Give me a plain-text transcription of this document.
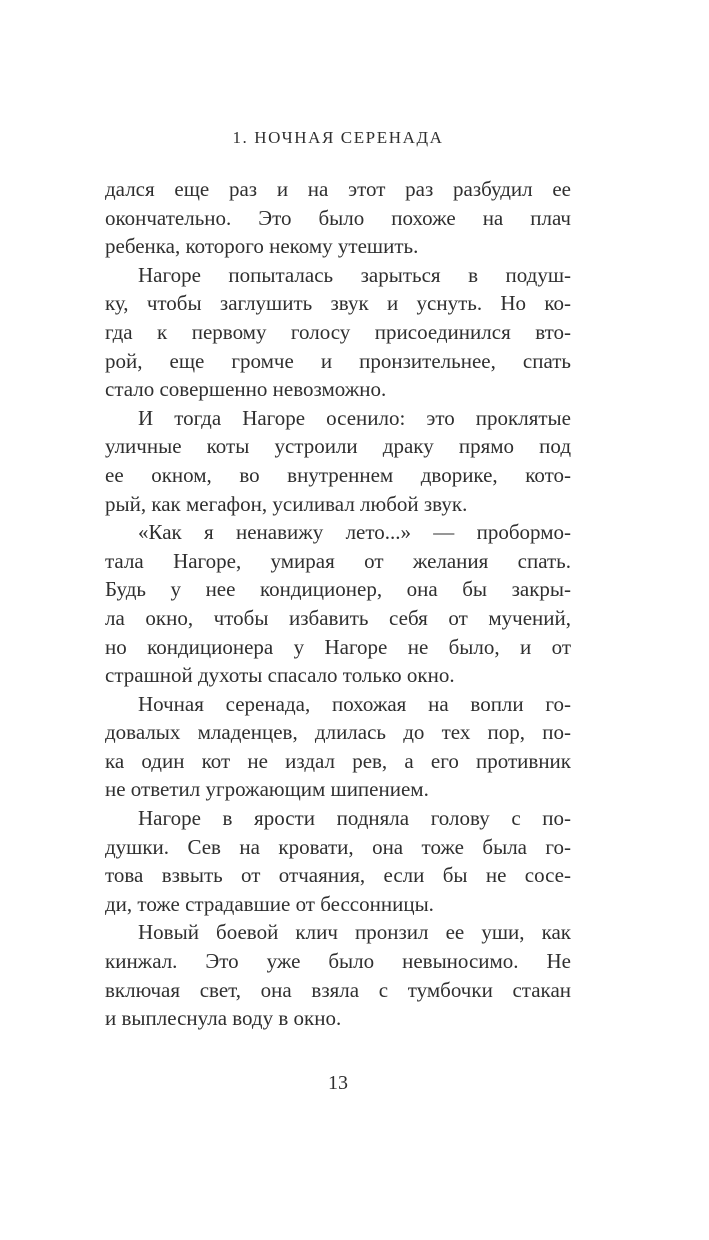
1. НОЧНАЯ СЕРЕНАДА

дался еще раз и на этот раз разбудил ее
окончательно. Это было похоже на плач
ребенка, которого некому утешить.

Нагоре попыталась зарыться в подуш-
ку, чтобы заглушить звук и уснуть. Но ко-
гда к первому голосу присоединился вто-
рой, еще громче и пронзительнее, спать
стало совершенно невозможно.

И тогда Нагоре осенило: это проклятые
уличные коты устроили драку прямо под
ее окном, во внутреннем дворике, кото-
рый, как мегафон, усиливал любой звук.

«Как я ненавижу лето...» — пробормо-
тала Нагоре, умирая от желания спать.
Будь у нее кондиционер, она бы закры-
ла окно, чтобы избавить себя от мучений,
но кондиционера у Нагоре не было, и от
страшной духоты спасало только окно.

Ночная серенада, похожая на вопли го-
довалых младенцев, длилась до тех пор, по-
ка один кот не издал рев, а его противник
не ответил угрожающим шипением.

Нагоре в ярости подняла голову с по-
душки. Сев на кровати, она тоже была го-
това взвыть от отчаяния, если бы не сосе-
ди, тоже страдавшие от бессонницы.

Новый боевой клич пронзил ее уши, как
кинжал. Это уже было невыносимо. Не
включая свет, она взяла с тумбочки стакан
и выплеснула воду в окно.

13
